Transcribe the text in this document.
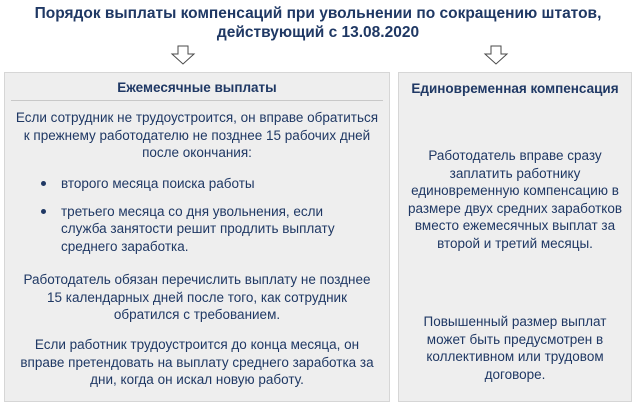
Порядок выплаты компенсаций при увольнении по сокращению штатов,
действующий с 13.08.2020
Ежемесячные выплаты
Если сотрудник не трудоустроится, он вправе обратиться к прежнему работодателю не позднее 15 рабочих дней после окончания:
второго месяца поиска работы
третьего месяца со дня увольнения, если служба занятости решит продлить выплату среднего заработка.
Работодатель обязан перечислить выплату не позднее 15 календарных дней после того, как сотрудник обратился с требованием.
Если работник трудоустроится до конца месяца, он вправе претендовать на выплату среднего заработка за дни, когда он искал новую работу.
Единовременная компенсация
Работодатель вправе сразу заплатить работнику единовременную компенсацию в размере двух средних заработков вместо ежемесячных выплат за второй и третий месяцы.
Повышенный размер выплат может быть предусмотрен в коллективном или трудовом договоре.
